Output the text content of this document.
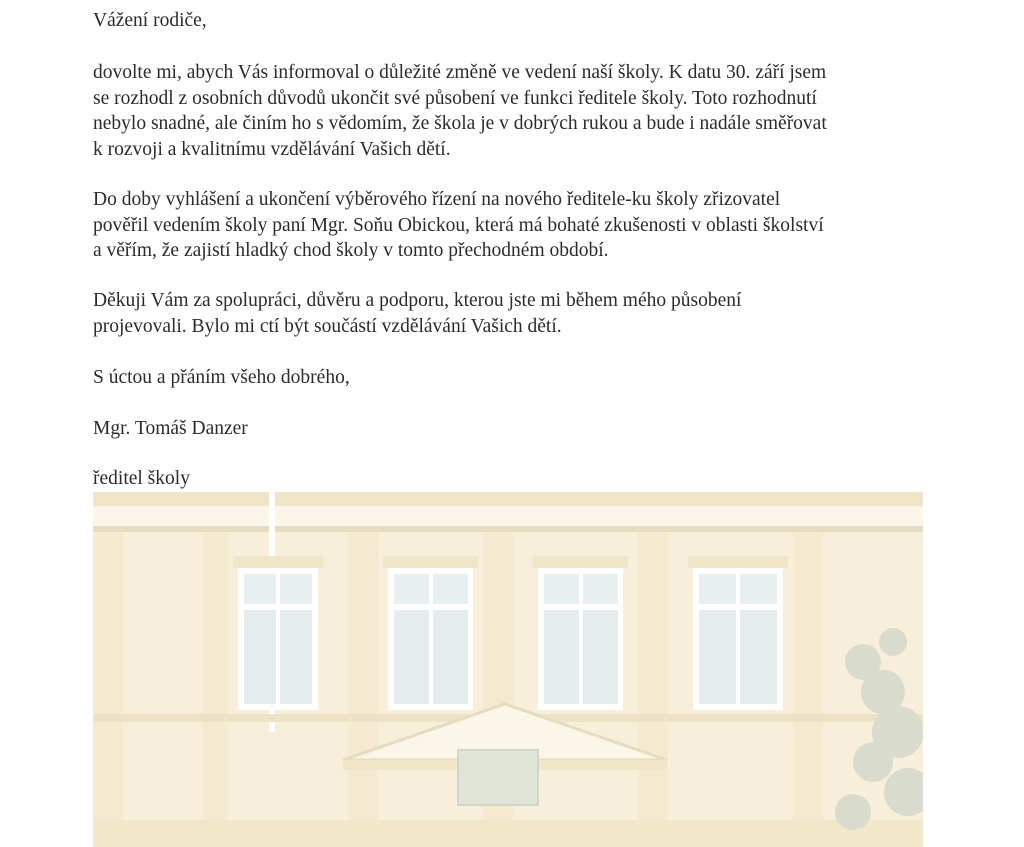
Vážení rodiče,

dovolte mi, abych Vás informoval o důležité změně ve vedení naší školy. K datu 30. září jsem

se rozhodl z osobních důvodů ukončit své působení ve funkci ředitele školy. Toto rozhodnutí

nebylo snadné, ale činím ho s vědomím, že škola je v dobrých rukou a bude i nadále směřovat

k rozvoji a kvalitnímu vzdělávání Vašich dětí.

Do doby vyhlášení a ukončení výběrového řízení na nového ředitele-ku školy zřizovatel

pověřil vedením školy paní Mgr. Soňu Obickou, která má bohaté zkušenosti v oblasti školství

a věřím, že zajistí hladký chod školy v tomto přechodném období.

Děkuji Vám za spolupráci, důvěru a podporu, kterou jste mi během mého působení

projevovali. Bylo mi ctí být součástí vzdělávání Vašich dětí.

S úctou a přáním všeho dobrého,

Mgr. Tomáš Danzer

ředitel školy
